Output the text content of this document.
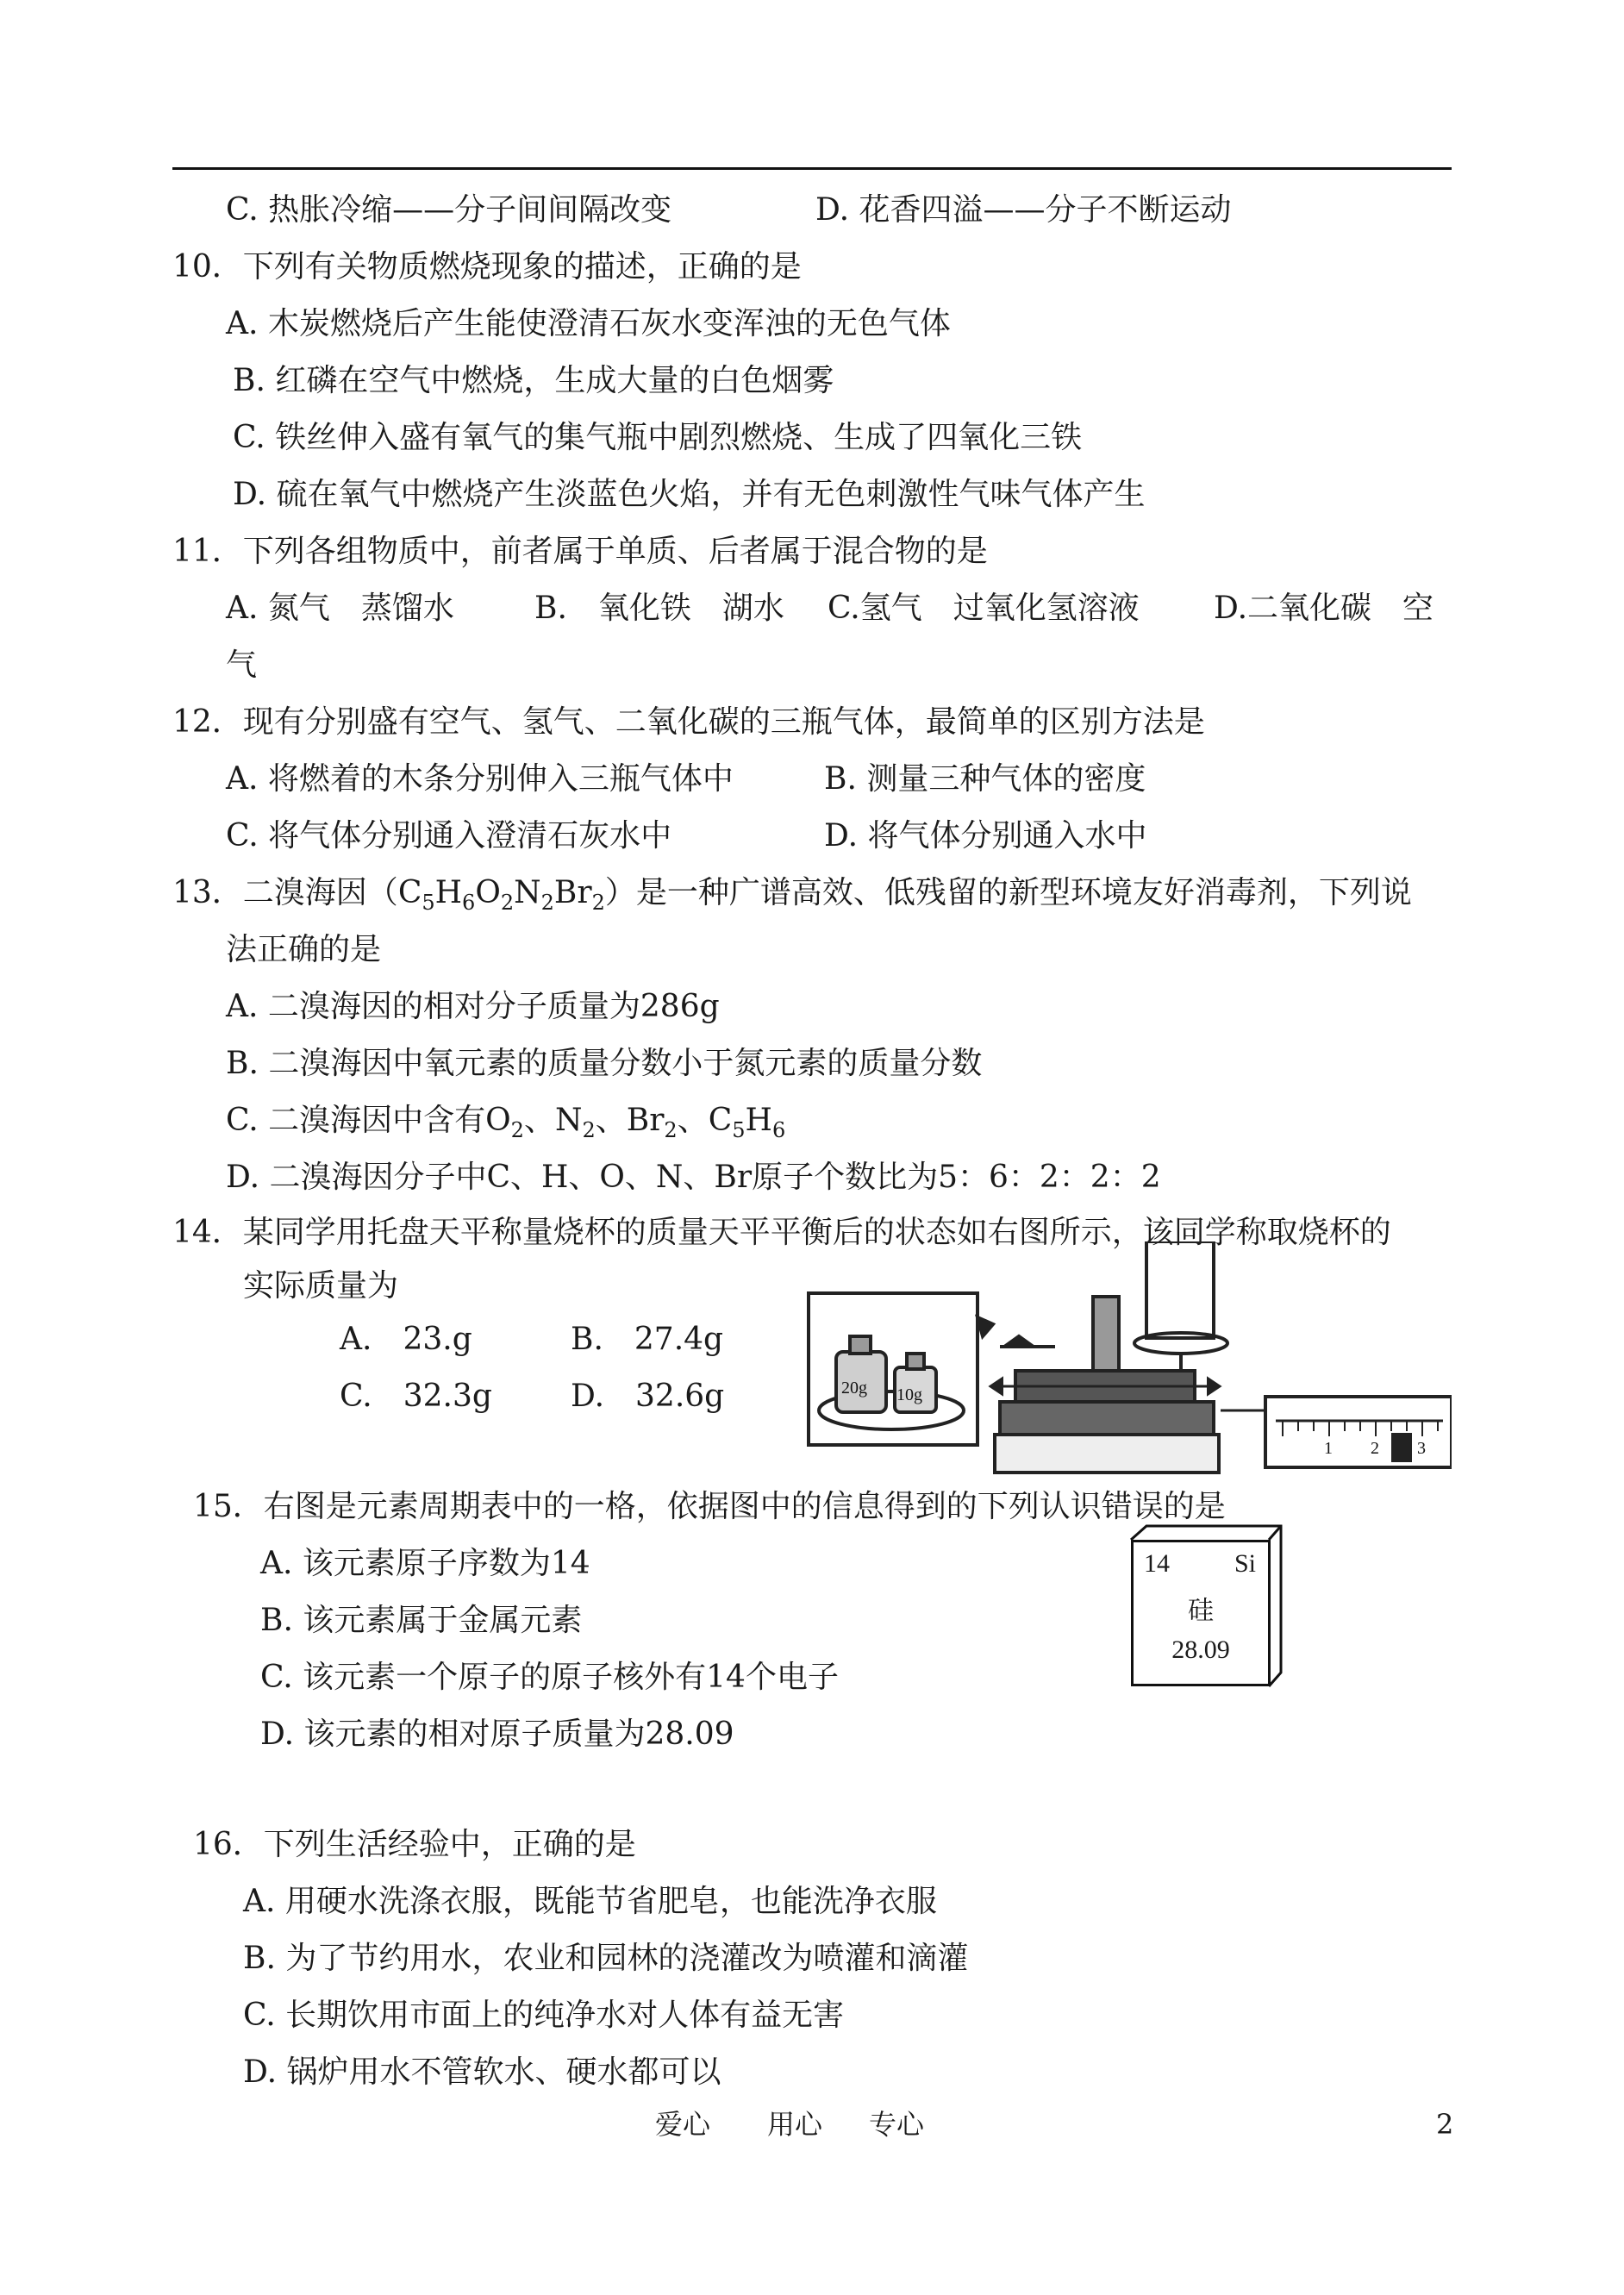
C. 热胀冷缩——分子间间隔改变	D. 花香四溢——分子不断运动
10．下列有关物质燃烧现象的描述，正确的是
A. 木炭燃烧后产生能使澄清石灰水变浑浊的无色气体
B. 红磷在空气中燃烧，生成大量的白色烟雾
C. 铁丝伸入盛有氧气的集气瓶中剧烈燃烧、生成了四氧化三铁
D. 硫在氧气中燃烧产生淡蓝色火焰，并有无色刺激性气味气体产生
11．下列各组物质中，前者属于单质、后者属于混合物的是
A. 氮气　蒸馏水	B.　氧化铁　湖水 C.氢气　过氧化氢溶液 D.二氧化碳　空
气
12．现有分别盛有空气、氢气、二氧化碳的三瓶气体，最简单的区别方法是
A. 将燃着的木条分别伸入三瓶气体中	B. 测量三种气体的密度
C. 将气体分别通入澄清石灰水中	D. 将气体分别通入水中
13．二溴海因$(C_5H_6O_2N_2Br_2)$是一种广谱高效、低残留的新型环境友好消毒剂，下列说
法正确的是
A. 二溴海因的相对分子质量为286g
B. 二溴海因中氧元素的质量分数小于氮元素的质量分数
C. 二溴海因中含有$O_2$、$N_2$、$Br_2$、$C_5H_6$
D. 二溴海因分子中C、H、O、N、Br原子个数比为5：6：2：2：2
14．某同学用托盘天平称量烧杯的质量天平平衡后的状态如右图所示，该同学称取烧杯的
实际质量为
A.　23.g	B.　27.4g
C.　32.3g	D.　32.6g	20g 10g
1 2 3
15．右图是元素周期表中的一格，依据图中的信息得到的下列认识错误的是
A. 该元素原子序数为14
B. 该元素属于金属元素
C. 该元素一个原子的原子核外有14个电子
D. 该元素的相对原子质量为28.09
14 Si
硅
28.09
16．下列生活经验中，正确的是
A. 用硬水洗涤衣服，既能节省肥皂，也能洗净衣服
B. 为了节约用水，农业和园林的浇灌改为喷灌和滴灌
C. 长期饮用市面上的纯净水对人体有益无害
D. 锅炉用水不管软水、硬水都可以
爱心 用心 专心	2
